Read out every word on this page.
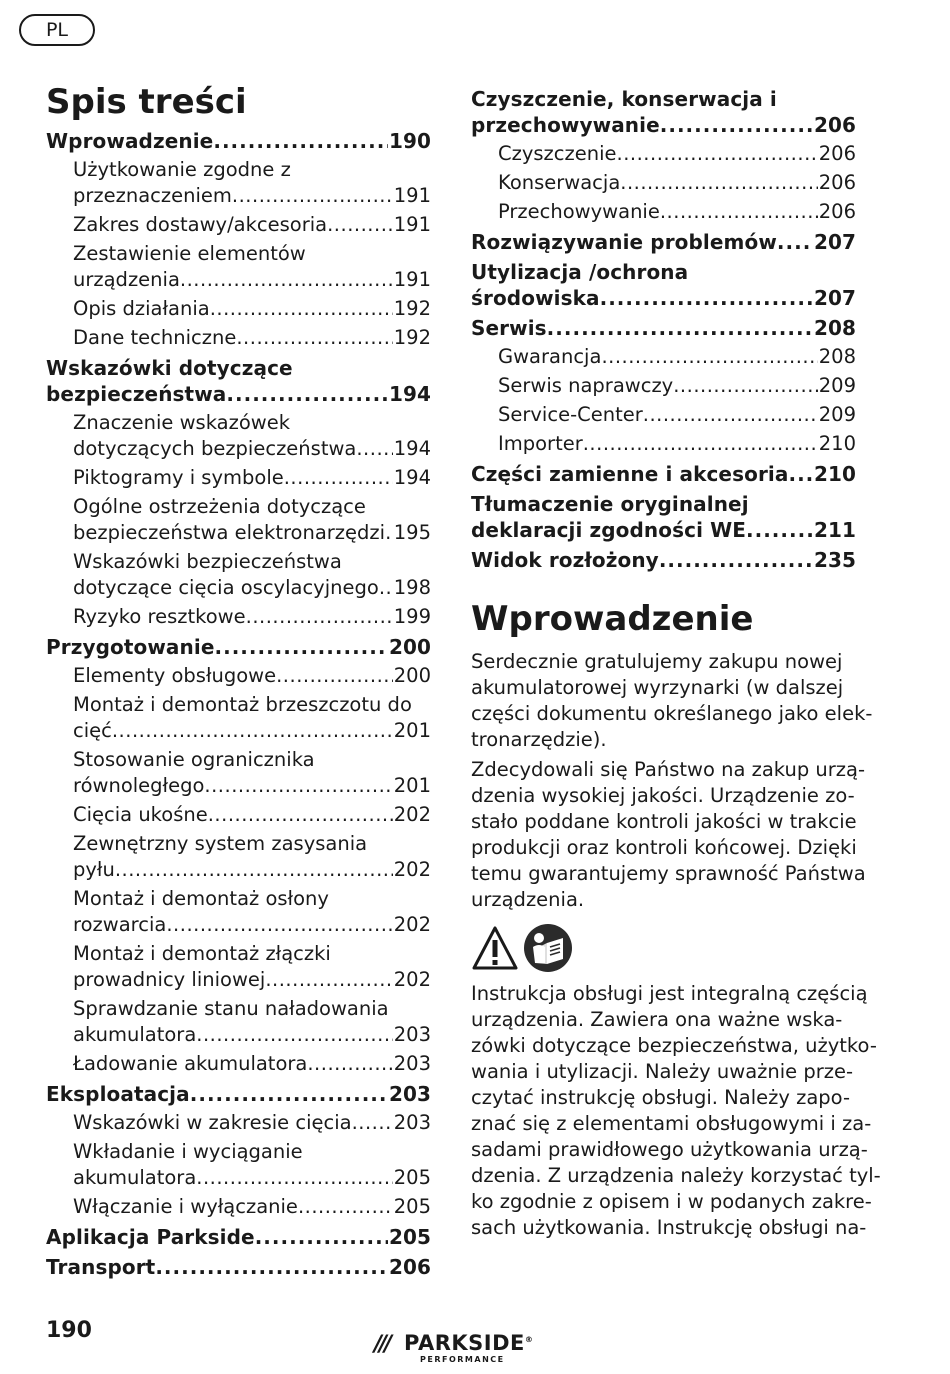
PL
Spis treści
Wprowadzenie .....	190
Użytkowanie zgodne z
przeznaczeniem .....	191
Zakres dostawy/akcesoria .....	191
Zestawienie elementów
urządzenia .....	191
Opis działania .....	192
Dane techniczne .....	192
Wskazówki dotyczące
bezpieczeństwa .....	194
Znaczenie wskazówek
dotyczących bezpieczeństwa ..... 194
Piktogramy i symbole .....	194
Ogólne ostrzeżenia dotyczące
bezpieczeństwa elektronarzędzi ..... 195
Wskazówki bezpieczeństwa
dotyczące cięcia oscylacyjnego ..... 198
Ryzyko resztkowe .....	199
Przygotowanie .....	200
Elementy obsługowe .....	200
Montaż i demontaż brzeszczotu do
cięć .....	201
Stosowanie ogranicznika
równoległego .....	201
Cięcia ukośne .....	202
Zewnętrzny system zasysania
pyłu .....	202
Montaż i demontaż osłony
rozwarcia .....	202
Montaż i demontaż złączki
prowadnicy liniowej .....	202
Sprawdzanie stanu naładowania
akumulatora .....	203
Ładowanie akumulatora .....	203
Eksploatacja .....	203
Wskazówki w zakresie cięcia ..... 203
Wkładanie i wyciąganie
akumulatora .....	205
Włączanie i wyłączanie .....	205
Aplikacja Parkside .....	205
Transport .....	206
Czyszczenie, konserwacja i
przechowywanie .....	206
Czyszczenie .....	206
Konserwacja .....	206
Przechowywanie .....	206
Rozwiązywanie problemów ..... 207
Utylizacja /ochrona
środowiska .....	207
Serwis .....	208
Gwarancja .....	208
Serwis naprawczy .....	209
Service-Center .....	209
Importer .....	210
Części zamienne i akcesoria ..... 210
Tłumaczenie oryginalnej
deklaracji zgodności WE .....	211
Widok rozłożony .....	235
Wprowadzenie

Serdecznie gratulujemy zakupu nowej
akumulatorowej wyrzynarki (w dalszej
części dokumentu określanego jako elek-
tronarzędzie).

Zdecydowali się Państwo na zakup urzą-
dzenia wysokiej jakości. Urządzenie zo-
stało poddane kontroli jakości w trakcie
produkcji oraz kontroli końcowej. Dzięki
temu gwarantujemy sprawność Państwa
urządzenia.

Instrukcja obsługi jest integralną częścią
urządzenia. Zawiera ona ważne wska-
zówki dotyczące bezpieczeństwa, użytko-
wania i utylizacji. Należy uważnie prze-
czytać instrukcję obsługi. Należy zapo-
znać się z elementami obsługowymi i za-
sadami prawidłowego użytkowania urzą-
dzenia. Z urządzenia należy korzystać tyl-
ko zgodnie z opisem i w podanych zakre-
sach użytkowania. Instrukcję obsługi na-

190
/// PARKSIDE®
PERFORMANCE
